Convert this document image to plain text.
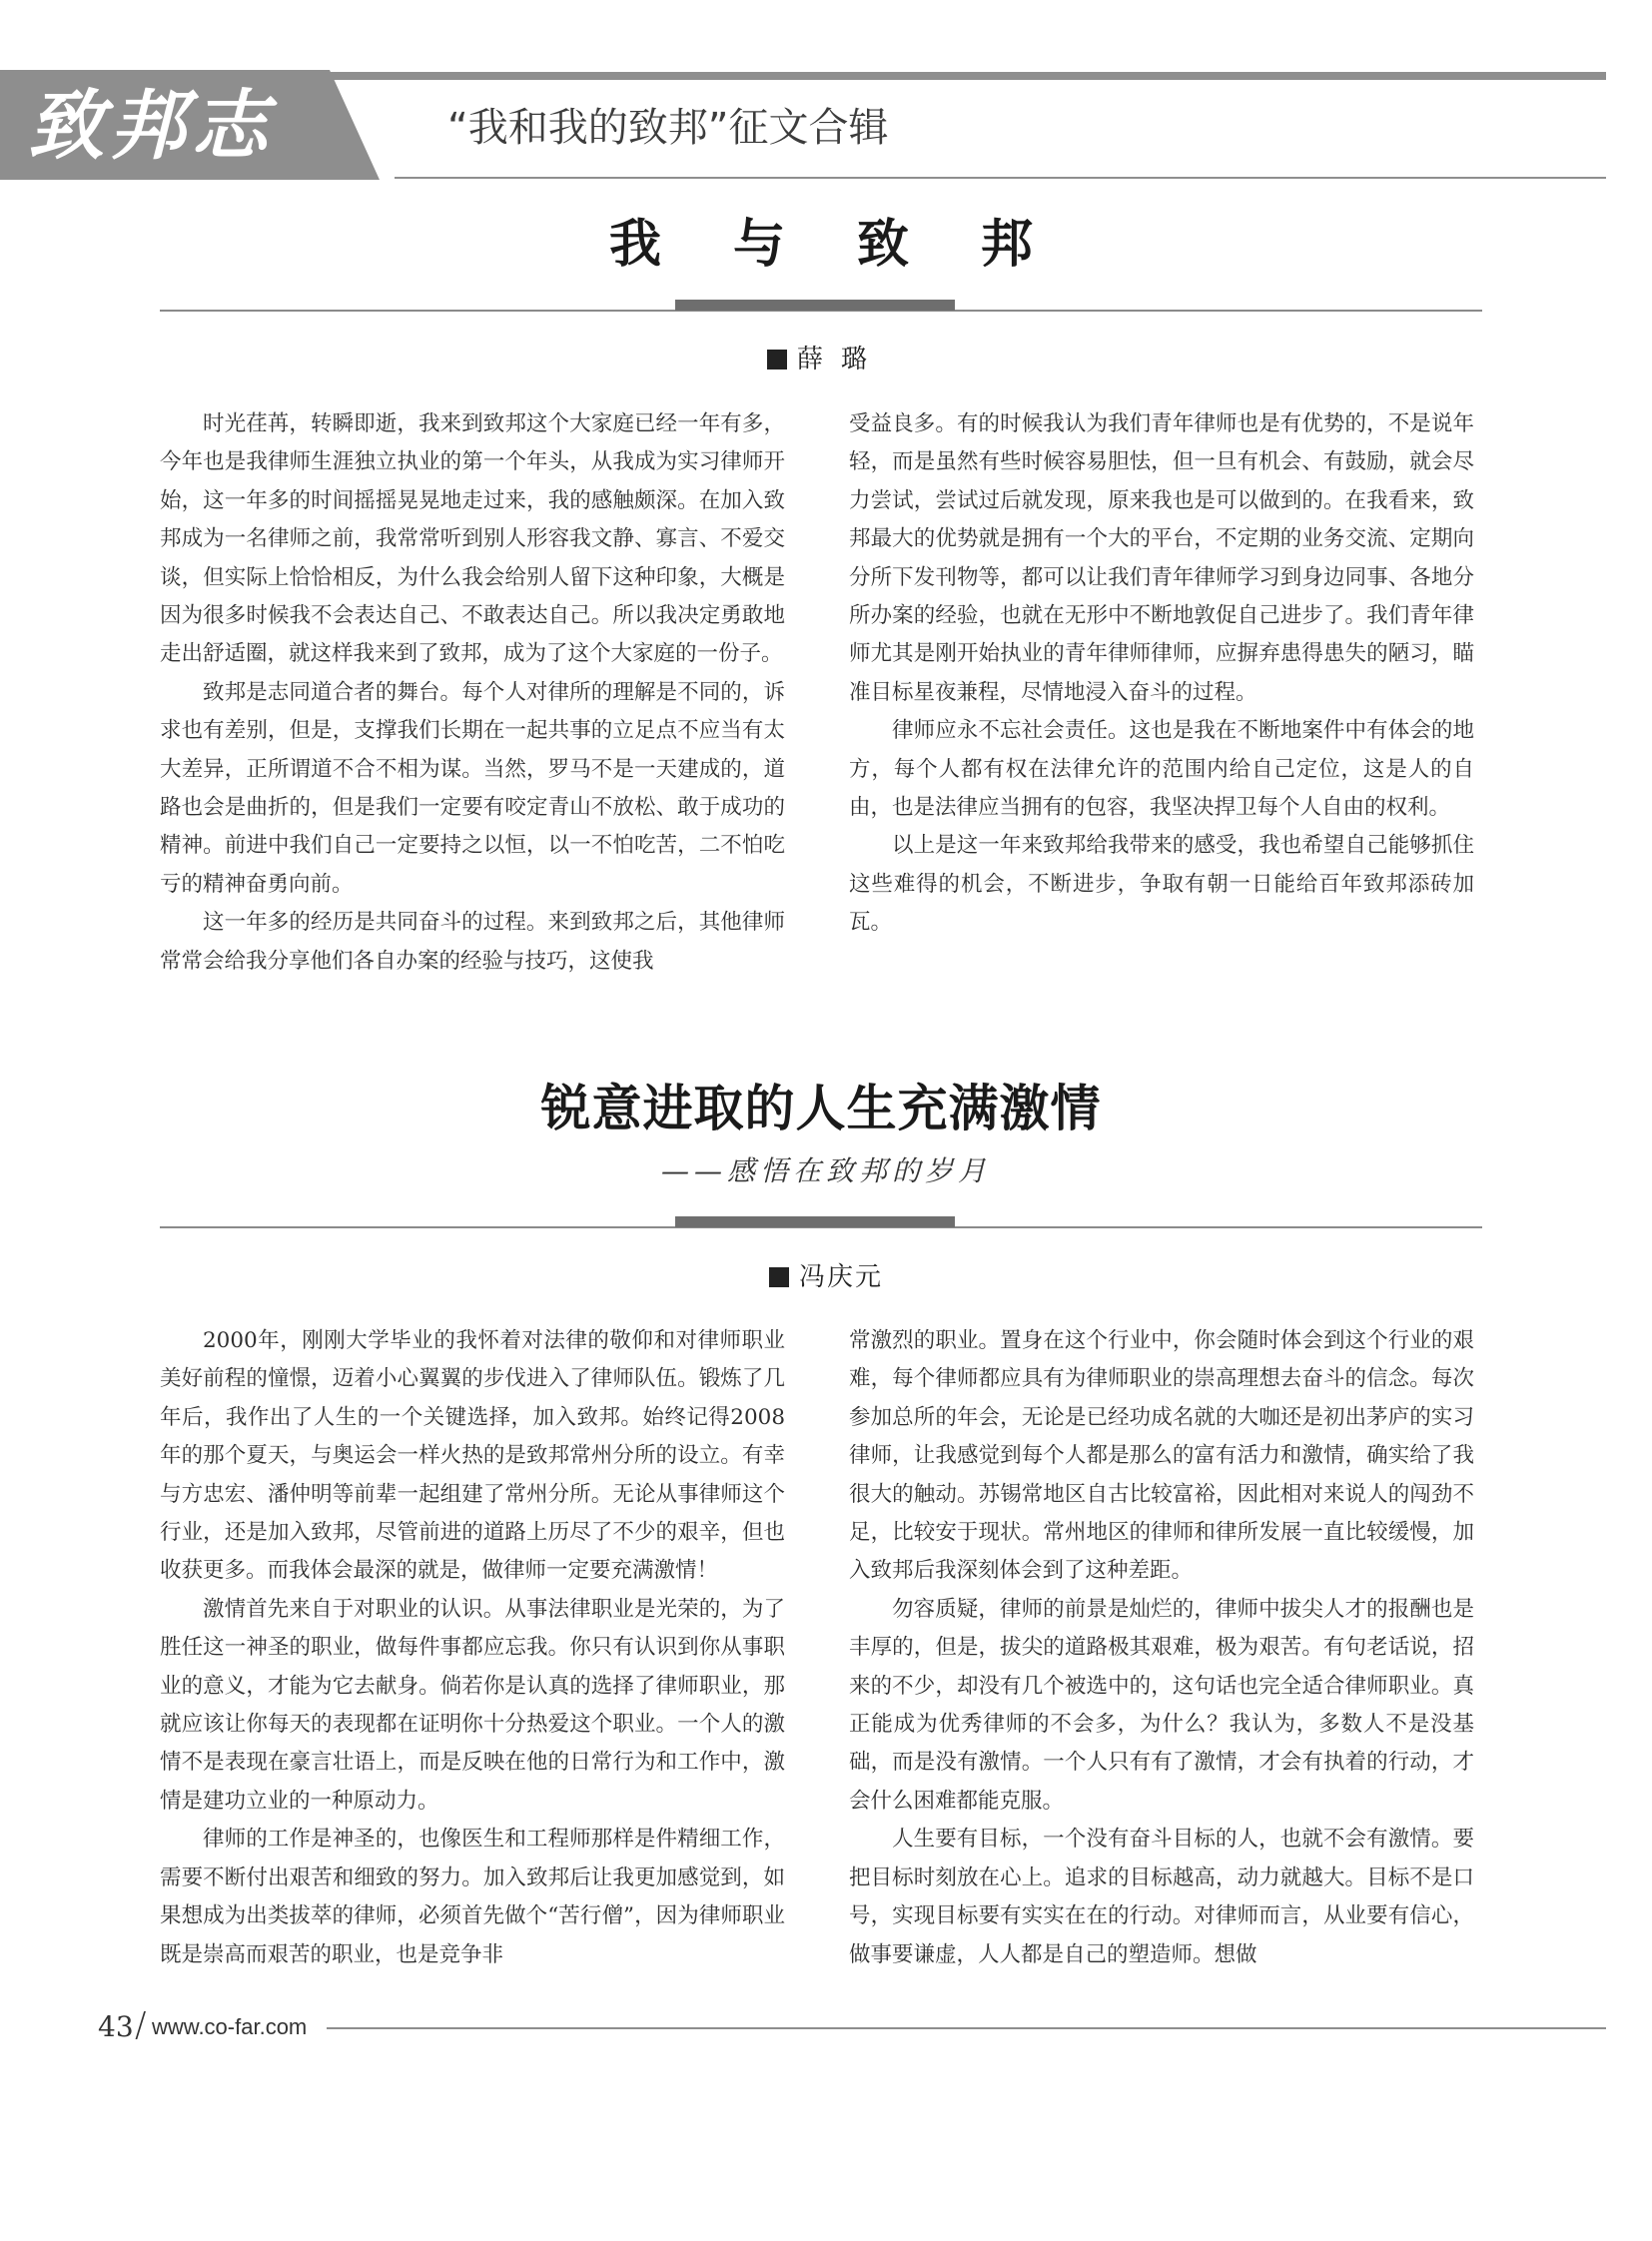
致邦志	“我和我的致邦”征文合辑
我与致邦
薛璐

时光荏苒，转瞬即逝，我来到致邦这个大家庭已经一年有多，今年也是我律师生涯独立执业的第一个年头，从我成为实习律师开始，这一年多的时间摇摇晃晃地走过来，我的感触颇深。在加入致邦成为一名律师之前，我常常听到别人形容我文静、寡言、不爱交谈，但实际上恰恰相反，为什么我会给别人留下这种印象，大概是因为很多时候我不会表达自己、不敢表达自己。所以我决定勇敢地走出舒适圈，就这样我来到了致邦，成为了这个大家庭的一份子。

致邦是志同道合者的舞台。每个人对律所的理解是不同的，诉求也有差别，但是，支撑我们长期在一起共事的立足点不应当有太大差异，正所谓道不合不相为谋。当然，罗马不是一天建成的，道路也会是曲折的，但是我们一定要有咬定青山不放松、敢于成功的精神。前进中我们自己一定要持之以恒，以一不怕吃苦，二不怕吃亏的精神奋勇向前。

这一年多的经历是共同奋斗的过程。来到致邦之后，其他律师常常会给我分享他们各自办案的经验与技巧，这使我

受益良多。有的时候我认为我们青年律师也是有优势的，不是说年轻，而是虽然有些时候容易胆怯，但一旦有机会、有鼓励，就会尽力尝试，尝试过后就发现，原来我也是可以做到的。在我看来，致邦最大的优势就是拥有一个大的平台，不定期的业务交流、定期向分所下发刊物等，都可以让我们青年律师学习到身边同事、各地分所办案的经验，也就在无形中不断地敦促自己进步了。我们青年律师尤其是刚开始执业的青年律师律师，应摒弃患得患失的陋习，瞄准目标星夜兼程，尽情地浸入奋斗的过程。

律师应永不忘社会责任。这也是我在不断地案件中有体会的地方，每个人都有权在法律允许的范围内给自己定位，这是人的自由，也是法律应当拥有的包容，我坚决捍卫每个人自由的权利。

以上是这一年来致邦给我带来的感受，我也希望自己能够抓住这些难得的机会，不断进步，争取有朝一日能给百年致邦添砖加瓦。

锐意进取的人生充满激情
——感悟在致邦的岁月
冯庆元

2000年，刚刚大学毕业的我怀着对法律的敬仰和对律师职业美好前程的憧憬，迈着小心翼翼的步伐进入了律师队伍。锻炼了几年后，我作出了人生的一个关键选择，加入致邦。始终记得2008年的那个夏天，与奥运会一样火热的是致邦常州分所的设立。有幸与方忠宏、潘仲明等前辈一起组建了常州分所。无论从事律师这个行业，还是加入致邦，尽管前进的道路上历尽了不少的艰辛，但也收获更多。而我体会最深的就是，做律师一定要充满激情！

激情首先来自于对职业的认识。从事法律职业是光荣的，为了胜任这一神圣的职业，做每件事都应忘我。你只有认识到你从事职业的意义，才能为它去献身。倘若你是认真的选择了律师职业，那就应该让你每天的表现都在证明你十分热爱这个职业。一个人的激情不是表现在豪言壮语上，而是反映在他的日常行为和工作中，激情是建功立业的一种原动力。

律师的工作是神圣的，也像医生和工程师那样是件精细工作，需要不断付出艰苦和细致的努力。加入致邦后让我更加感觉到，如果想成为出类拔萃的律师，必须首先做个“苦行僧”，因为律师职业既是崇高而艰苦的职业，也是竞争非

常激烈的职业。置身在这个行业中，你会随时体会到这个行业的艰难，每个律师都应具有为律师职业的崇高理想去奋斗的信念。每次参加总所的年会，无论是已经功成名就的大咖还是初出茅庐的实习律师，让我感觉到每个人都是那么的富有活力和激情，确实给了我很大的触动。苏锡常地区自古比较富裕，因此相对来说人的闯劲不足，比较安于现状。常州地区的律师和律所发展一直比较缓慢，加入致邦后我深刻体会到了这种差距。

勿容质疑，律师的前景是灿烂的，律师中拔尖人才的报酬也是丰厚的，但是，拔尖的道路极其艰难，极为艰苦。有句老话说，招来的不少，却没有几个被选中的，这句话也完全适合律师职业。真正能成为优秀律师的不会多，为什么？我认为，多数人不是没基础，而是没有激情。一个人只有有了激情，才会有执着的行动，才会什么困难都能克服。

人生要有目标，一个没有奋斗目标的人，也就不会有激情。要把目标时刻放在心上。追求的目标越高，动力就越大。目标不是口号，实现目标要有实实在在的行动。对律师而言，从业要有信心，做事要谦虚，人人都是自己的塑造师。想做

43 / www.co-far.com
